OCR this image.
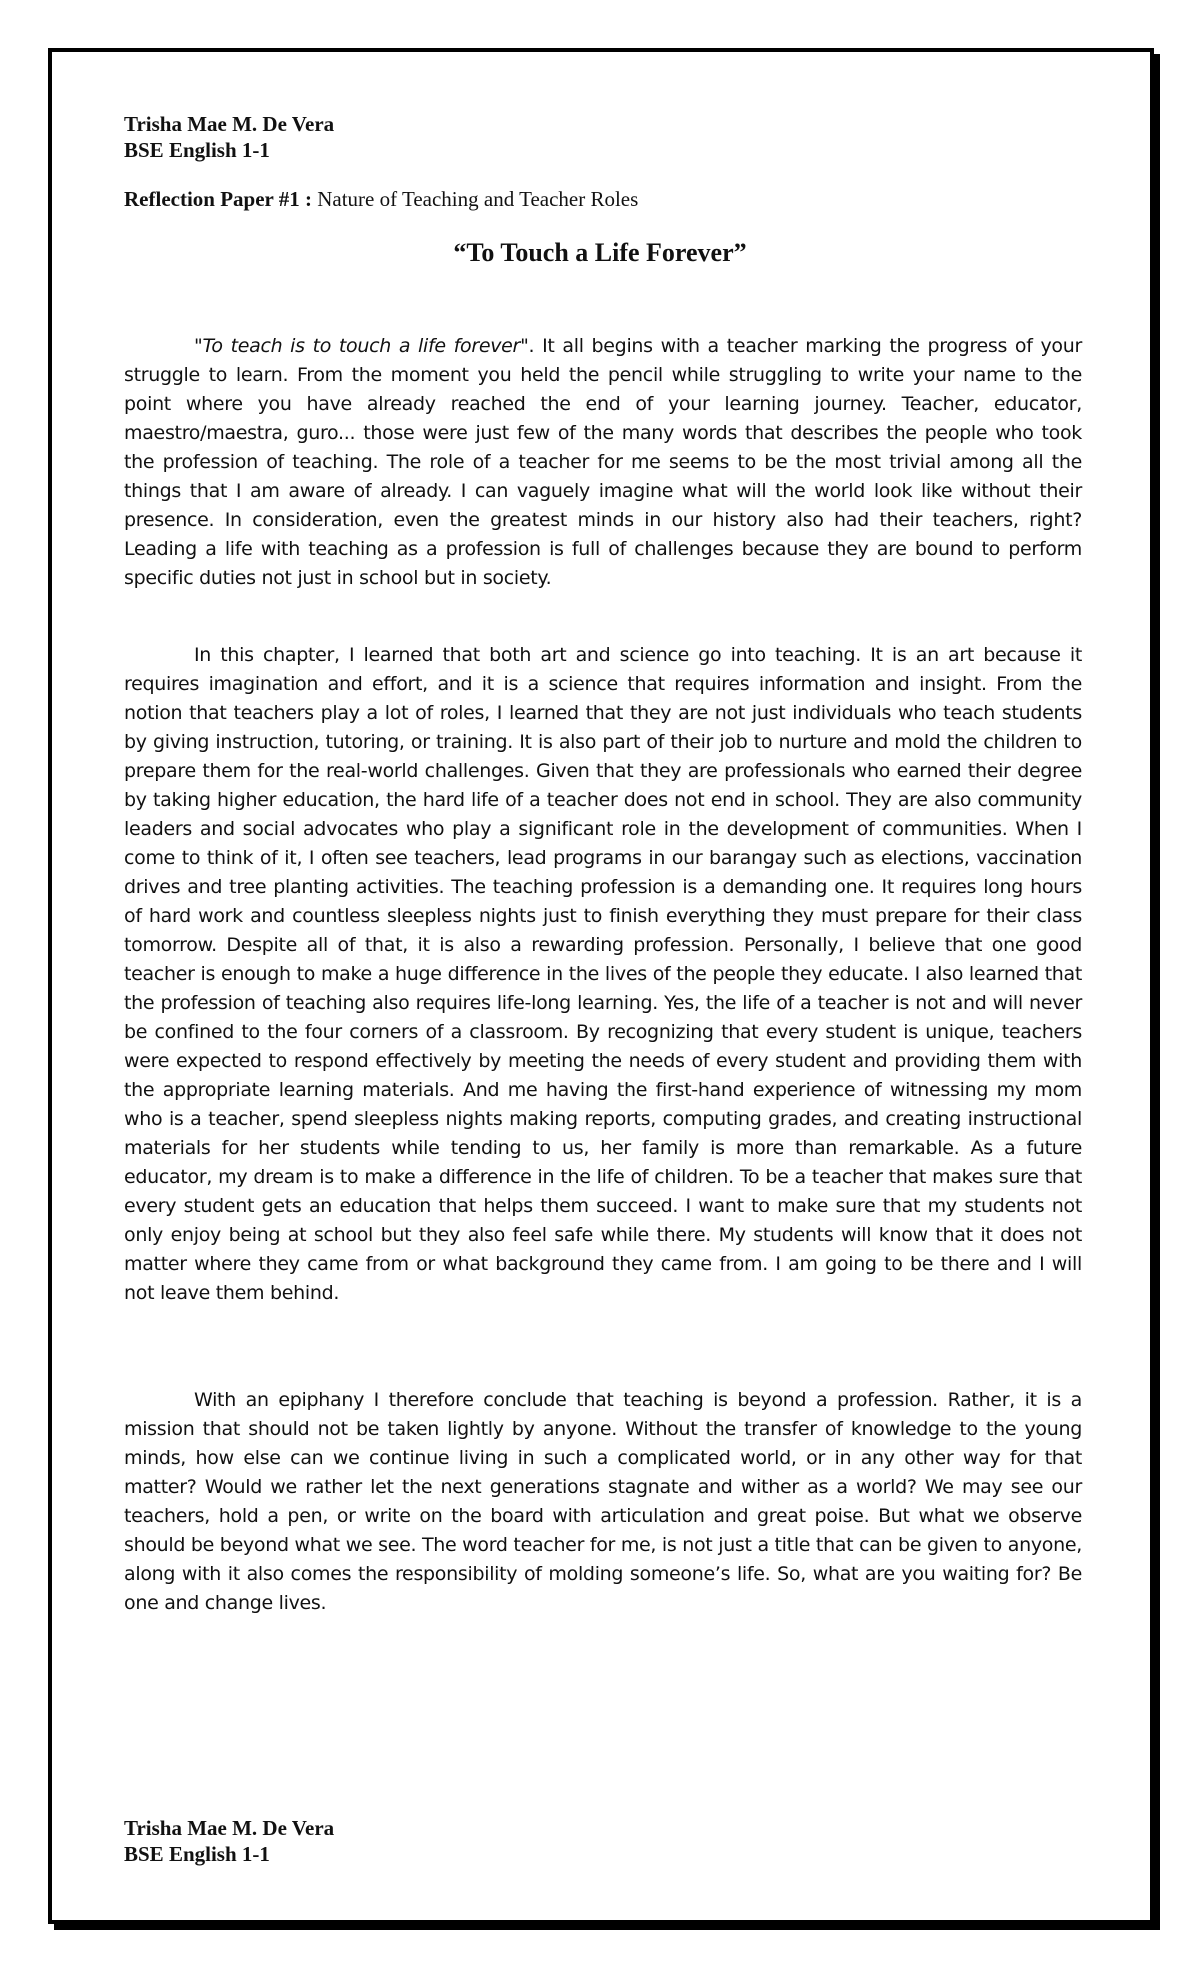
Trisha Mae M. De Vera
BSE English 1-1
Reflection Paper #1 : Nature of Teaching and Teacher Roles
“To Touch a Life Forever”

"To teach is to touch a life forever". It all begins with a teacher marking the progress of your struggle to learn. From the moment you held the pencil while struggling to write your name to the point where you have already reached the end of your learning journey. Teacher, educator, maestro/maestra, guro... those were just few of the many words that describes the people who took the profession of teaching. The role of a teacher for me seems to be the most trivial among all the things that I am aware of already. I can vaguely imagine what will the world look like without their presence. In consideration, even the greatest minds in our history also had their teachers, right? Leading a life with teaching as a profession is full of challenges because they are bound to perform specific duties not just in school but in society.

In this chapter, I learned that both art and science go into teaching. It is an art because it requires imagination and effort, and it is a science that requires information and insight. From the notion that teachers play a lot of roles, I learned that they are not just individuals who teach students by giving instruction, tutoring, or training. It is also part of their job to nurture and mold the children to prepare them for the real-world challenges. Given that they are professionals who earned their degree by taking higher education, the hard life of a teacher does not end in school. They are also community leaders and social advocates who play a significant role in the development of communities. When I come to think of it, I often see teachers, lead programs in our barangay such as elections, vaccination drives and tree planting activities. The teaching profession is a demanding one. It requires long hours of hard work and countless sleepless nights just to finish everything they must prepare for their class tomorrow. Despite all of that, it is also a rewarding profession. Personally, I believe that one good teacher is enough to make a huge difference in the lives of the people they educate. I also learned that the profession of teaching also requires life-long learning. Yes, the life of a teacher is not and will never be confined to the four corners of a classroom. By recognizing that every student is unique, teachers were expected to respond effectively by meeting the needs of every student and providing them with the appropriate learning materials. And me having the first-hand experience of witnessing my mom who is a teacher, spend sleepless nights making reports, computing grades, and creating instructional materials for her students while tending to us, her family is more than remarkable. As a future educator, my dream is to make a difference in the life of children. To be a teacher that makes sure that every student gets an education that helps them succeed. I want to make sure that my students not only enjoy being at school but they also feel safe while there. My students will know that it does not matter where they came from or what background they came from. I am going to be there and I will not leave them behind.

With an epiphany I therefore conclude that teaching is beyond a profession. Rather, it is a mission that should not be taken lightly by anyone. Without the transfer of knowledge to the young minds, how else can we continue living in such a complicated world, or in any other way for that matter? Would we rather let the next generations stagnate and wither as a world? We may see our teachers, hold a pen, or write on the board with articulation and great poise. But what we observe should be beyond what we see. The word teacher for me, is not just a title that can be given to anyone, along with it also comes the responsibility of molding someone’s life. So, what are you waiting for? Be one and change lives.

Trisha Mae M. De Vera
BSE English 1-1
